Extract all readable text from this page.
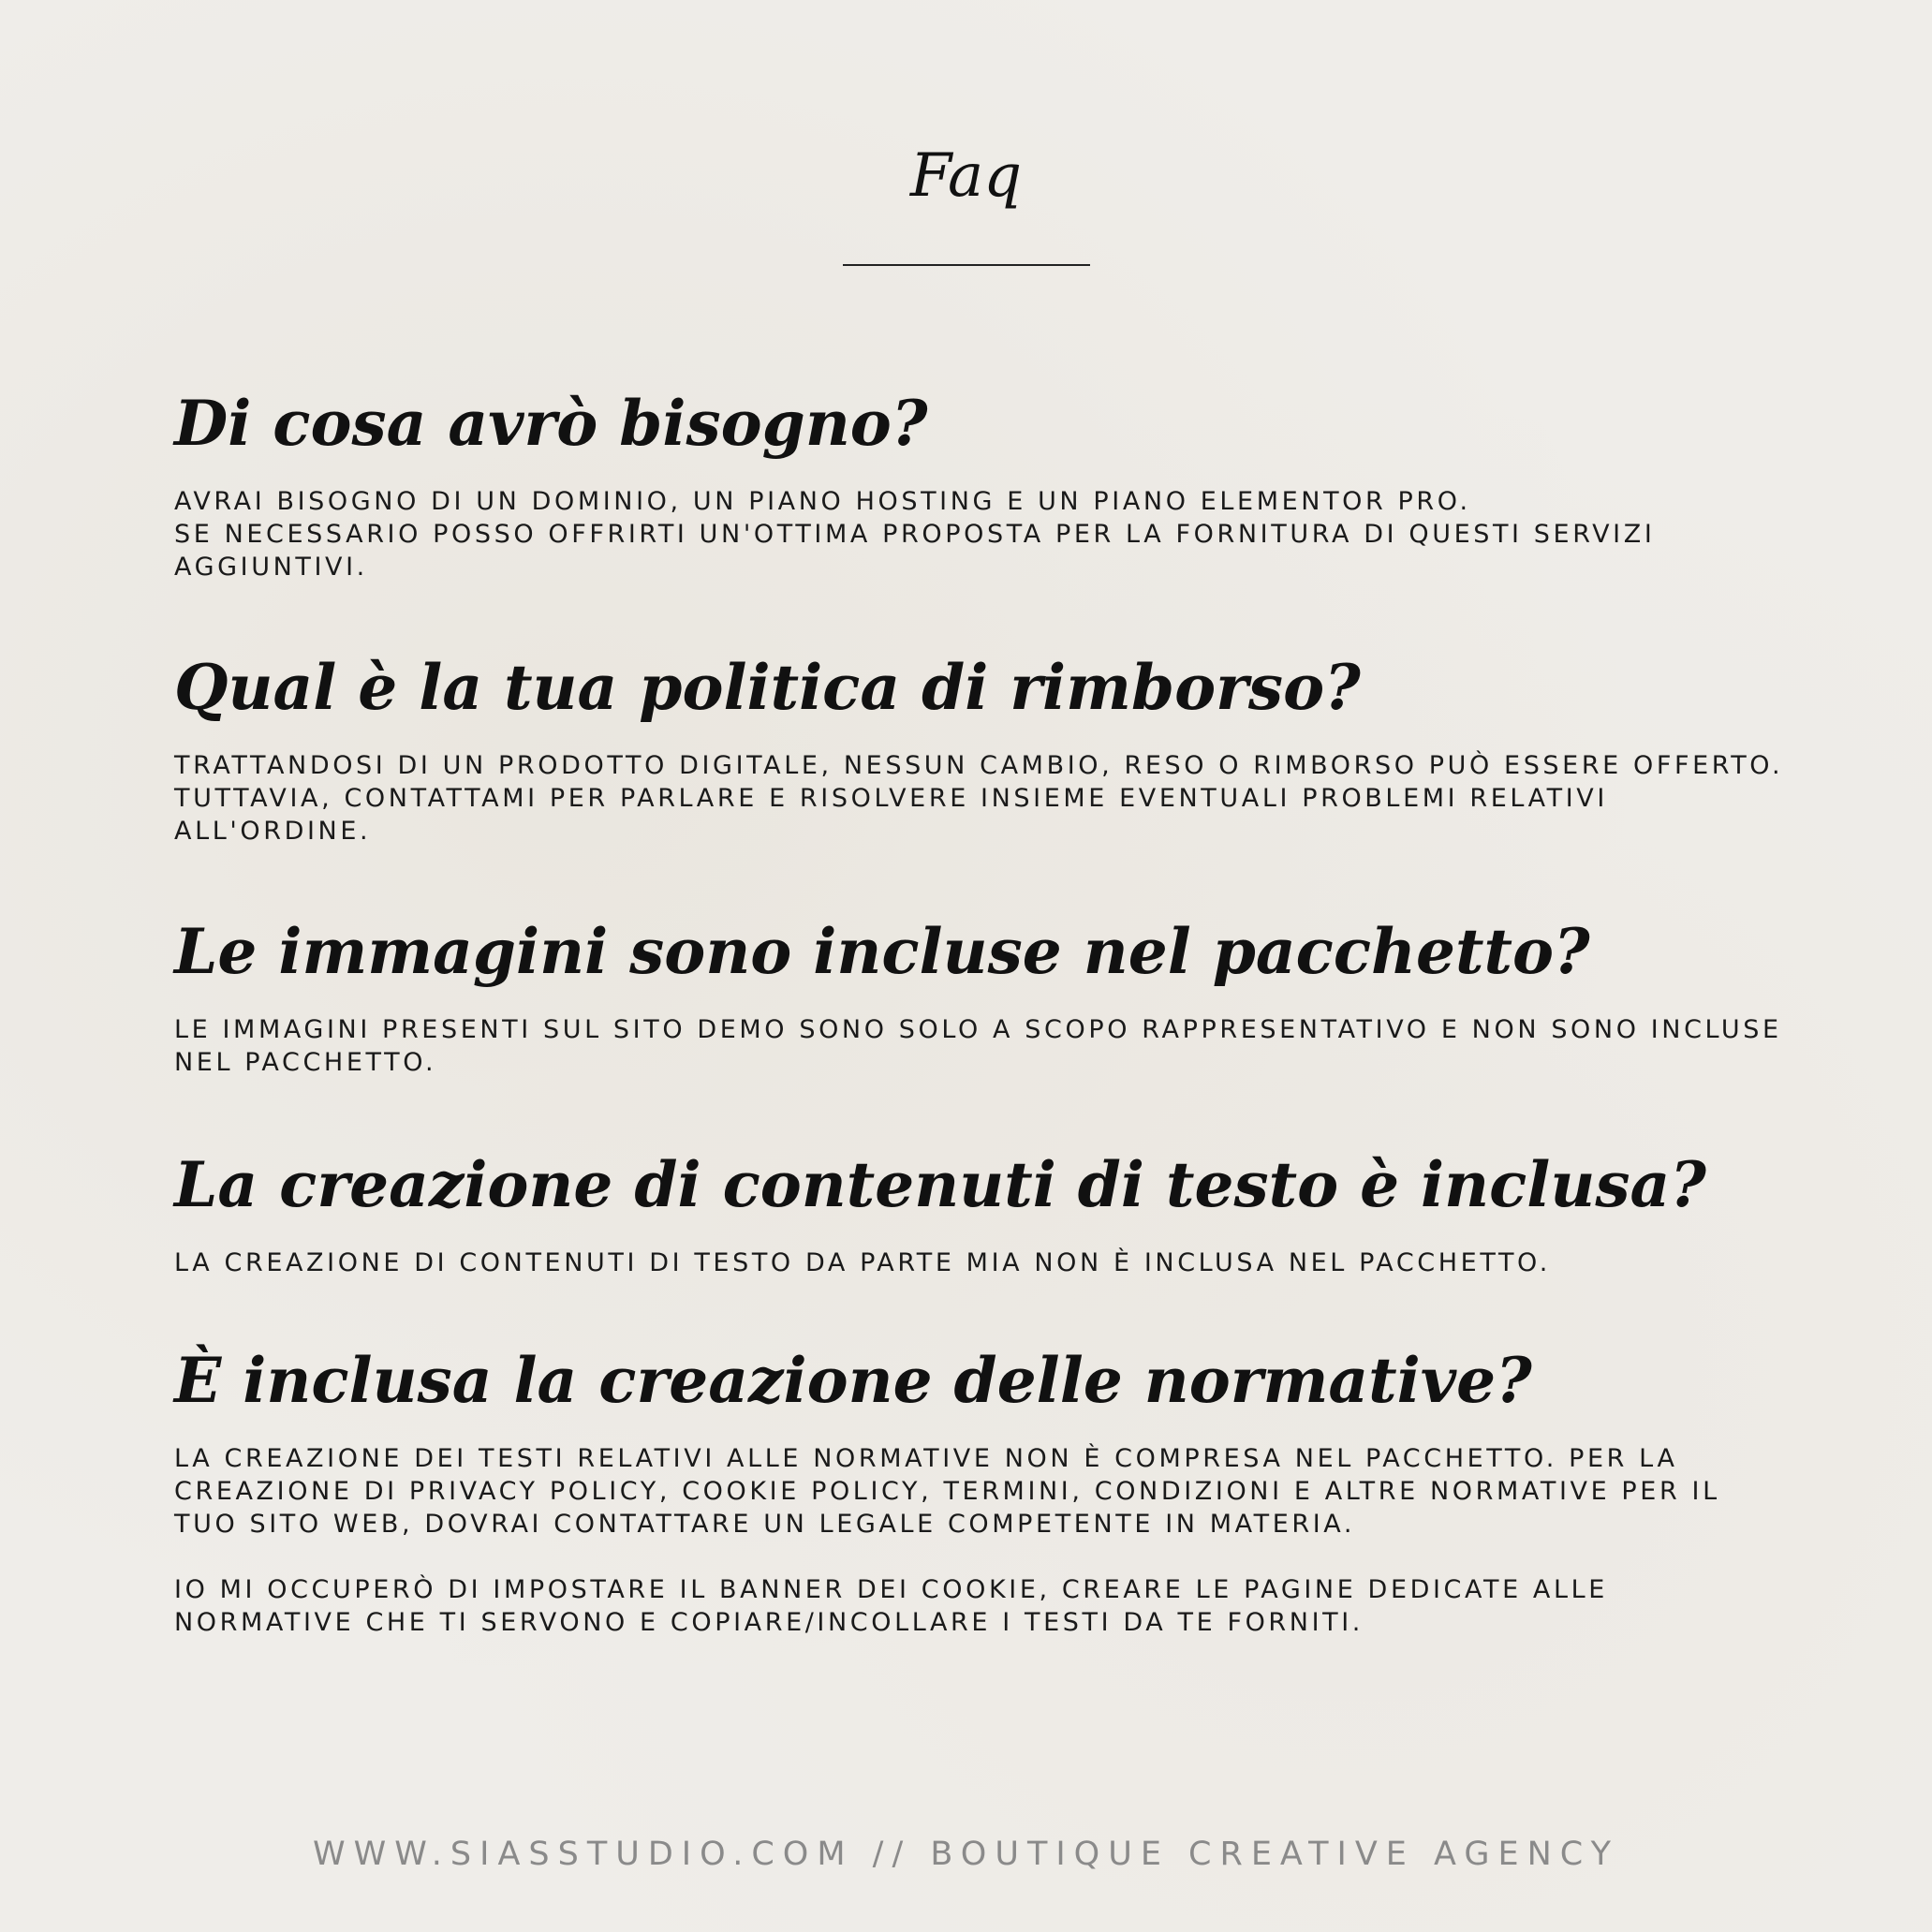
Faq
Di cosa avrò bisogno?

AVRAI BISOGNO DI UN DOMINIO, UN PIANO HOSTING E UN PIANO ELEMENTOR PRO.
SE NECESSARIO POSSO OFFRIRTI UN'OTTIMA PROPOSTA PER LA FORNITURA DI QUESTI SERVIZI AGGIUNTIVI.

Qual è la tua politica di rimborso?

TRATTANDOSI DI UN PRODOTTO DIGITALE, NESSUN CAMBIO, RESO O RIMBORSO PUÒ ESSERE OFFERTO. TUTTAVIA, CONTATTAMI PER PARLARE E RISOLVERE INSIEME EVENTUALI PROBLEMI RELATIVI ALL'ORDINE.

Le immagini sono incluse nel pacchetto?

LE IMMAGINI PRESENTI SUL SITO DEMO SONO SOLO A SCOPO RAPPRESENTATIVO E NON SONO INCLUSE NEL PACCHETTO.

La creazione di contenuti di testo è inclusa?

LA CREAZIONE DI CONTENUTI DI TESTO DA PARTE MIA NON È INCLUSA NEL PACCHETTO.

È inclusa la creazione delle normative?

LA CREAZIONE DEI TESTI RELATIVI ALLE NORMATIVE NON È COMPRESA NEL PACCHETTO. PER LA CREAZIONE DI PRIVACY POLICY, COOKIE POLICY, TERMINI, CONDIZIONI E ALTRE NORMATIVE PER IL TUO SITO WEB, DOVRAI CONTATTARE UN LEGALE COMPETENTE IN MATERIA.

IO MI OCCUPERÒ DI IMPOSTARE IL BANNER DEI COOKIE, CREARE LE PAGINE DEDICATE ALLE NORMATIVE CHE TI SERVONO E COPIARE/INCOLLARE I TESTI DA TE FORNITI.

WWW.SIASSTUDIO.COM // BOUTIQUE CREATIVE AGENCY
